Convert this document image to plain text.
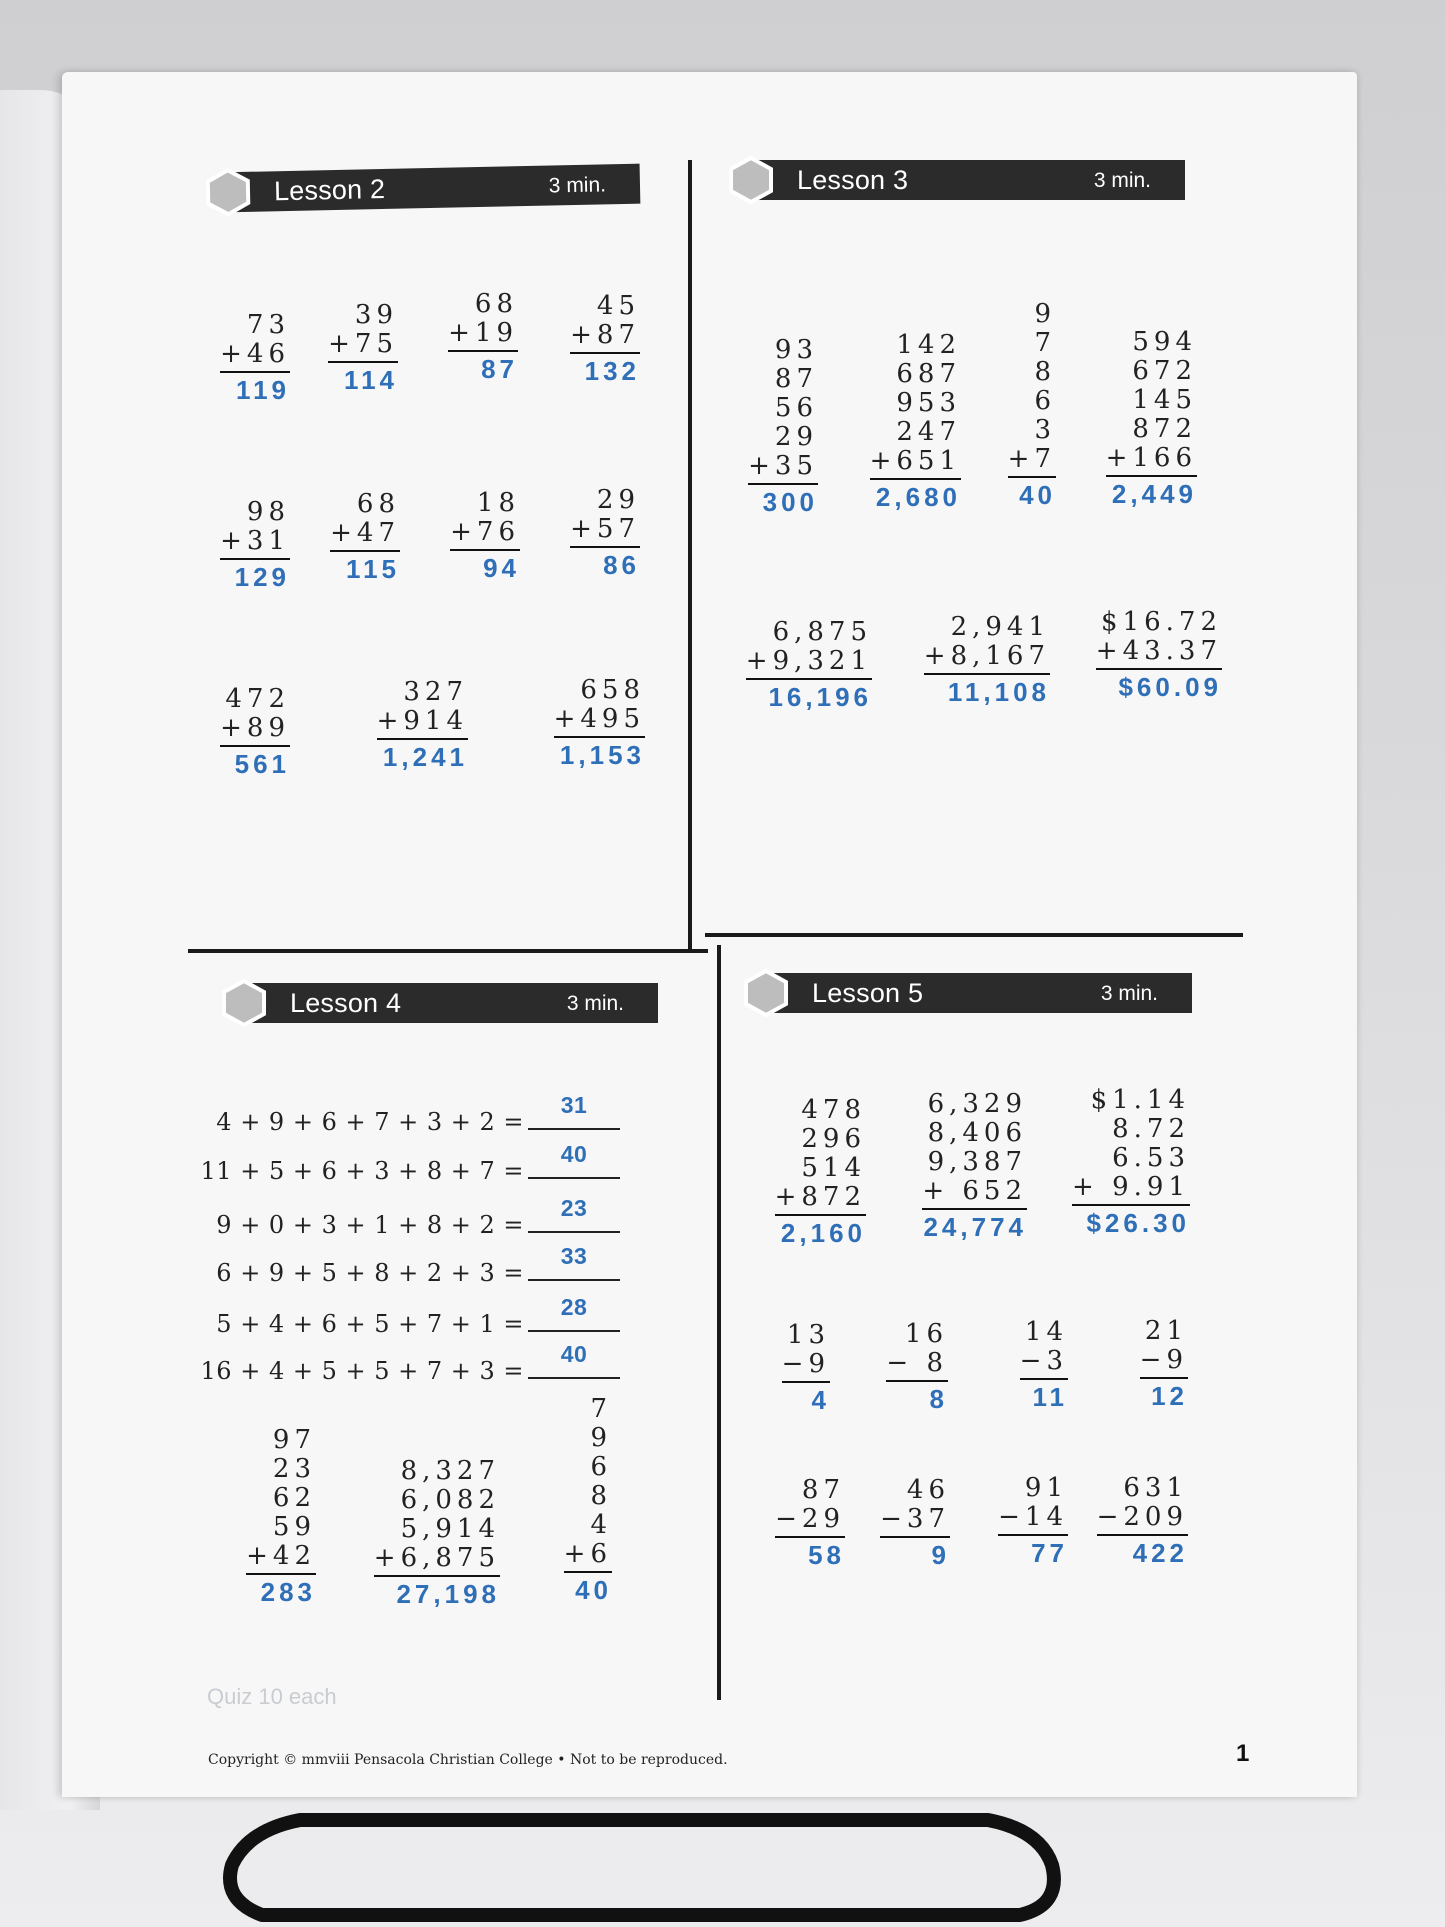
Quiz 10 each
Lesson 2	3 min.	Lesson 3	3 min.
Lesson 4	3 min.	Lesson 5	3 min.
73
+46
119
39
+75
114
68
+19
87
45
+87
132
98
+31
129
68
+47
115
18
+76
94
29
+57
86
472
+89
561
327
+914
1,241
658
+495
1,153
93
87
56
29
+35
300
142
687
953
247
+651
2,680
9
7
8
6
3
+7
40
594
672
145
872
+166
2,449
6,875
+9,321
16,196
2,941
+8,167
11,108
$16.72
+43.37
$60.09
97
23
62
59
+42
283
8,327
6,082
5,914
+6,875
27,198
7
9
6
8
4
+6
40
478
296
514
+872
2,160
6,329
8,406
9,387
+ 652
24,774
$1.14
8.72
6.53
+ 9.91
$26.30
13
−9
4
16
− 8
8
14
−3
11
21
−9
12
87
−29
58
46
−37
9
91
−14
77
631
−209
422
4 + 9 + 6 + 7 + 3 + 2 =
31
11 + 5 + 6 + 3 + 8 + 7 =
40
9 + 0 + 3 + 1 + 8 + 2 =
23
6 + 9 + 5 + 8 + 2 + 3 =
33
5 + 4 + 6 + 5 + 7 + 1 =
28
16 + 4 + 5 + 5 + 7 + 3 =
40
Copyright © mmviii Pensacola Christian College • Not to be reproduced.	1
